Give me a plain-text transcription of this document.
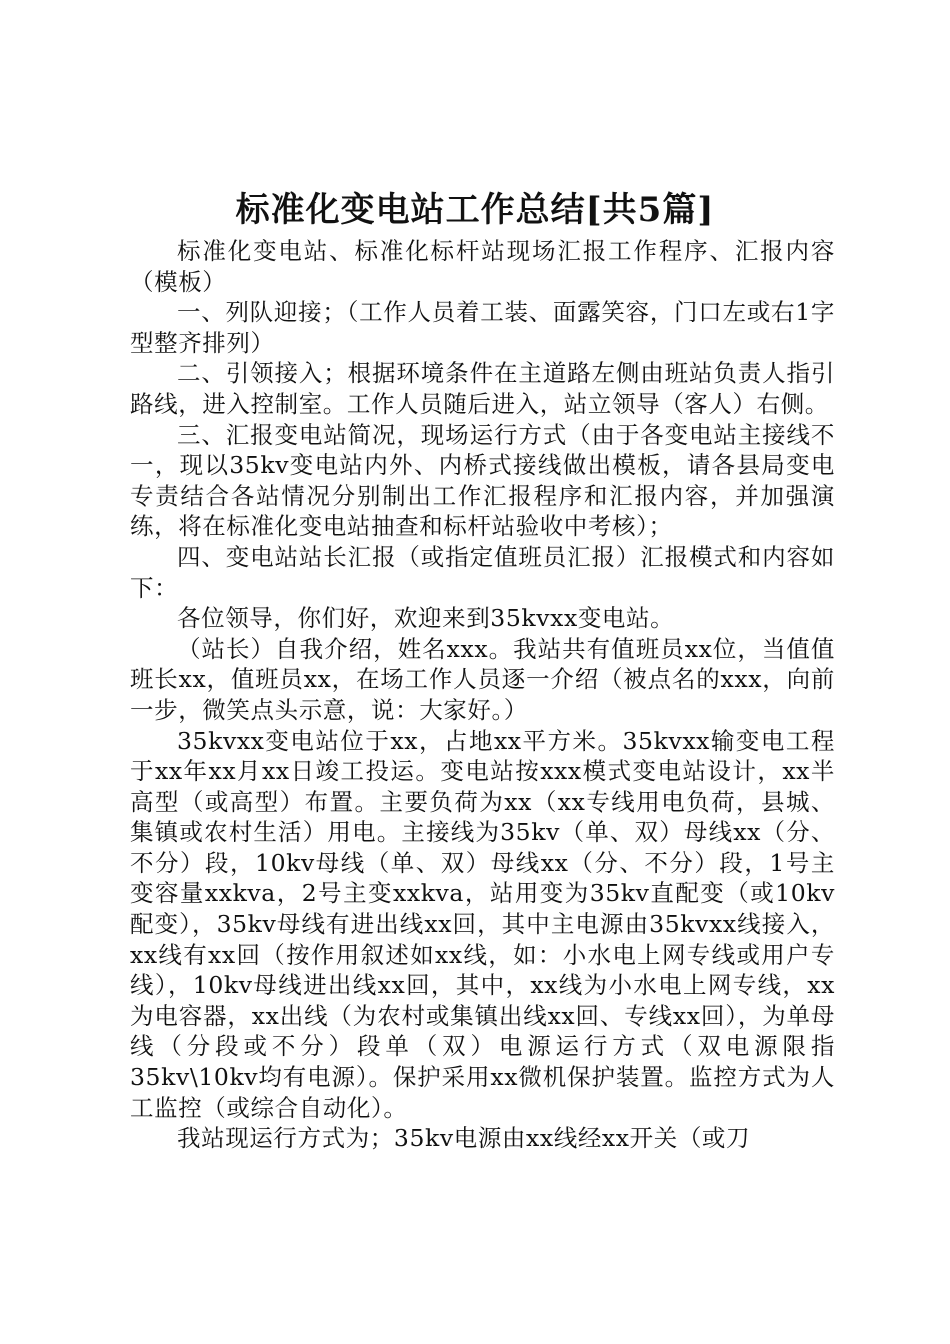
标准化变电站工作总结[共5篇]

标准化变电站、标准化标杆站现场汇报工作程序、汇报内容（模板）

一、列队迎接；（工作人员着工装、面露笑容，门口左或右1字型整齐排列）

二、引领接入；根据环境条件在主道路左侧由班站负责人指引路线，进入控制室。工作人员随后进入，站立领导（客人）右侧。

三、汇报变电站简况，现场运行方式（由于各变电站主接线不一，现以35kv变电站内外、内桥式接线做出模板，请各县局变电专责结合各站情况分别制出工作汇报程序和汇报内容，并加强演练，将在标准化变电站抽查和标杆站验收中考核）；

四、变电站站长汇报（或指定值班员汇报）汇报模式和内容如下：

各位领导，你们好，欢迎来到35kvxx变电站。

（站长）自我介绍，姓名xxx。我站共有值班员xx位，当值值班长xx，值班员xx，在场工作人员逐一介绍（被点名的xxx，向前一步，微笑点头示意，说：大家好。）

35kvxx变电站位于xx，占地xx平方米。35kvxx输变电工程于xx年xx月xx日竣工投运。变电站按xxx模式变电站设计，xx半高型（或高型）布置。主要负荷为xx（xx专线用电负荷，县城、集镇或农村生活）用电。主接线为35kv（单、双）母线xx（分、不分）段，10kv母线（单、双）母线xx（分、不分）段，1号主变容量xxkva，2号主变xxkva，站用变为35kv直配变（或10kv配变），35kv母线有进出线xx回，其中主电源由35kvxx线接入，xx线有xx回（按作用叙述如xx线，如：小水电上网专线或用户专线），10kv母线进出线xx回，其中，xx线为小水电上网专线，xx为电容器，xx出线（为农村或集镇出线xx回、专线xx回），为单母线（分段或不分）段单（双）电源运行方式（双电源限指35kv\10kv均有电源）。保护采用xx微机保护装置。监控方式为人工监控（或综合自动化）。

我站现运行方式为；35kv电源由xx线经xx开关（或刀
